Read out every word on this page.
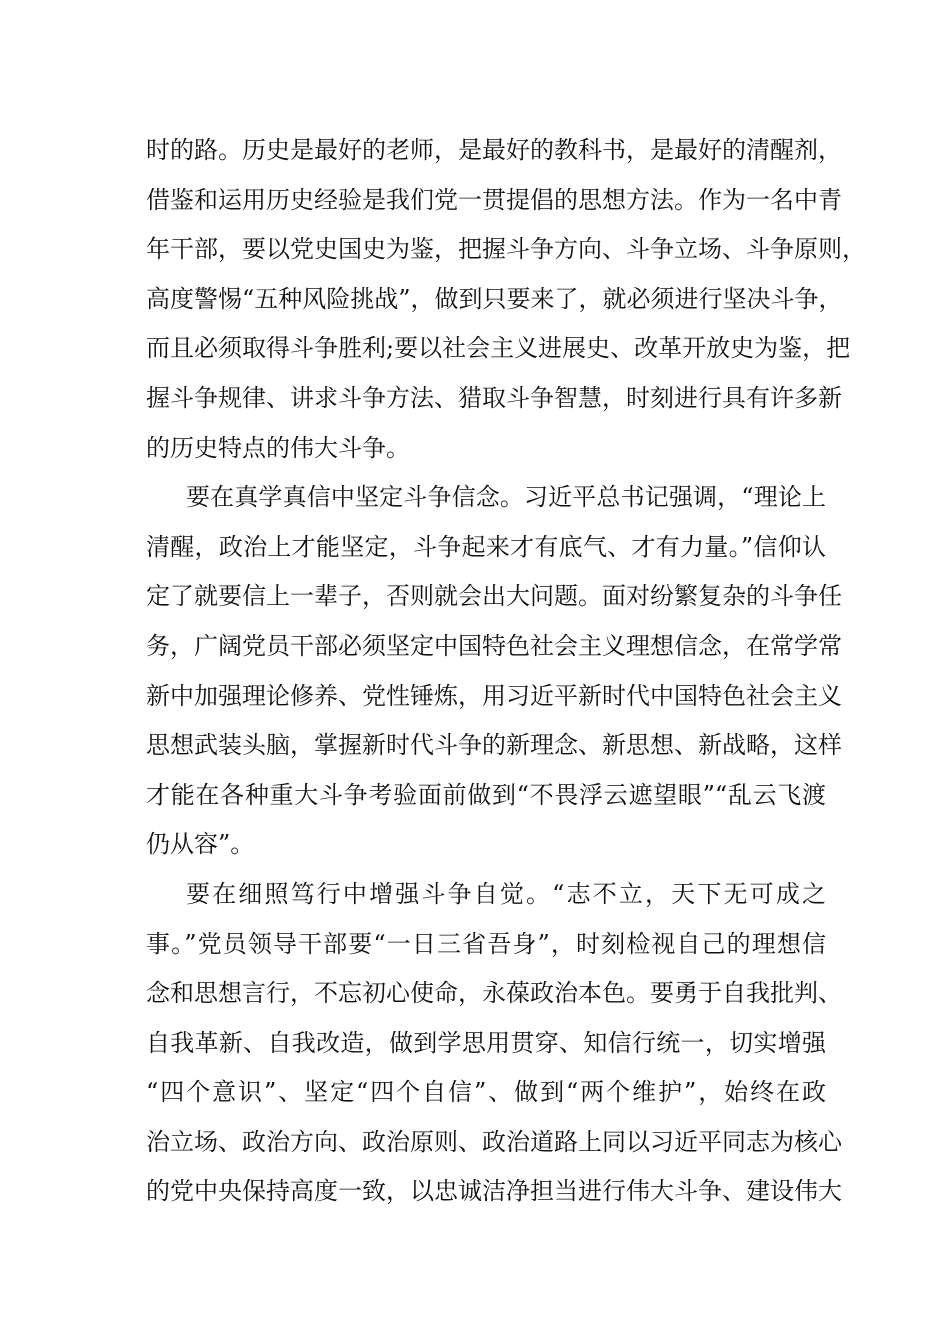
时的路。历史是最好的老师，是最好的教科书，是最好的清醒剂，
借鉴和运用历史经验是我们党一贯提倡的思想方法。作为一名中青
年干部，要以党史国史为鉴，把握斗争方向、斗争立场、斗争原则，
高度警惕“五种风险挑战”，做到只要来了，就必须进行坚决斗争，
而且必须取得斗争胜利;要以社会主义进展史、改革开放史为鉴，把
握斗争规律、讲求斗争方法、猎取斗争智慧，时刻进行具有许多新
的历史特点的伟大斗争。
要在真学真信中坚定斗争信念。习近平总书记强调，“理论上
清醒，政治上才能坚定，斗争起来才有底气、才有力量。”信仰认
定了就要信上一辈子，否则就会出大问题。面对纷繁复杂的斗争任
务，广阔党员干部必须坚定中国特色社会主义理想信念，在常学常
新中加强理论修养、党性锤炼，用习近平新时代中国特色社会主义
思想武装头脑，掌握新时代斗争的新理念、新思想、新战略，这样
才能在各种重大斗争考验面前做到“不畏浮云遮望眼”“乱云飞渡
仍从容”。
要在细照笃行中增强斗争自觉。“志不立，天下无可成之
事。”党员领导干部要“一日三省吾身”，时刻检视自己的理想信
念和思想言行，不忘初心使命，永葆政治本色。要勇于自我批判、
自我革新、自我改造，做到学思用贯穿、知信行统一，切实增强
“四个意识”、坚定“四个自信”、做到“两个维护”，始终在政
治立场、政治方向、政治原则、政治道路上同以习近平同志为核心
的党中央保持高度一致，以忠诚洁净担当进行伟大斗争、建设伟大
